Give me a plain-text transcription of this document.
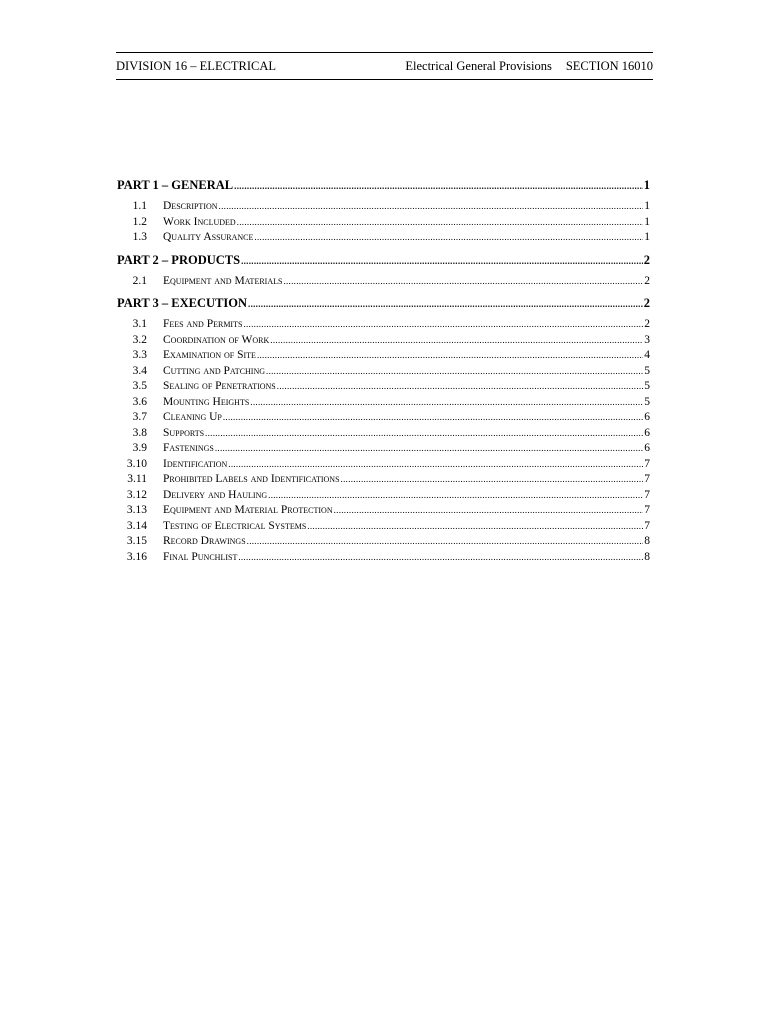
DIVISION 16 – ELECTRICAL	Electrical General Provisions SECTION 16010
PART 1 – GENERAL .....	1
1.1	Description .....	1
1.2	Work Included .....	1
1.3	Quality Assurance .....	1
PART 2 – PRODUCTS .....	2
2.1	Equipment and Materials .....	2
PART 3 – EXECUTION .....	2
3.1	Fees and Permits .....	2
3.2	Coordination of Work .....	3
3.3	Examination of Site .....	4
3.4	Cutting and Patching .....	5
3.5	Sealing of Penetrations .....	5
3.6	Mounting Heights .....	5
3.7	Cleaning Up .....	6
3.8	Supports .....	6
3.9	Fastenings .....	6
3.10	Identification .....	7
3.11	Prohibited Labels and Identifications .....	7
3.12	Delivery and Hauling .....	7
3.13	Equipment and Material Protection .....	7
3.14	Testing of Electrical Systems .....	7
3.15	Record Drawings .....	8
3.16	Final Punchlist .....	8
